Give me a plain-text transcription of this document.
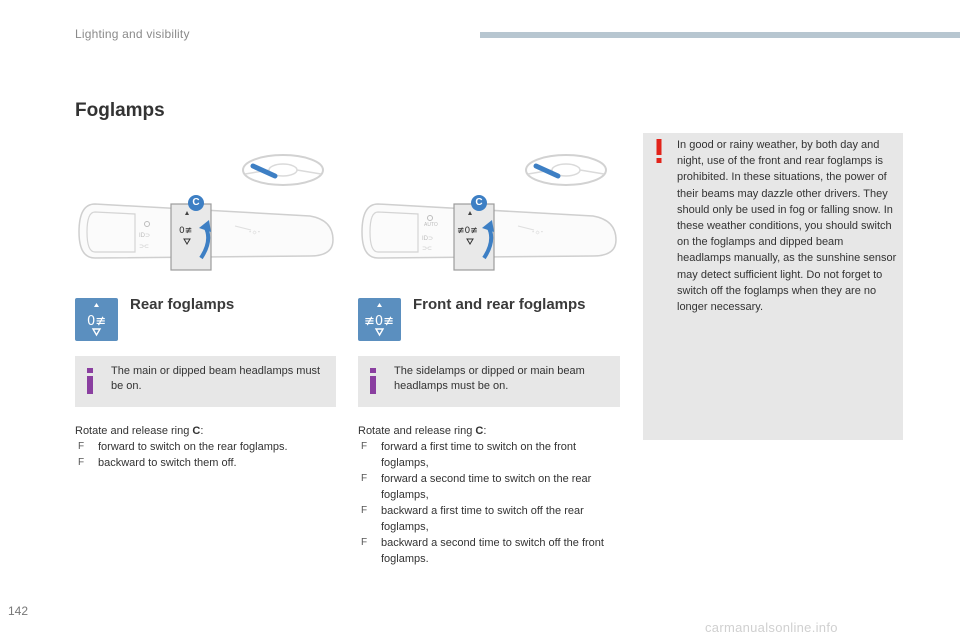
Lighting and visibility
Foglamps
ID⊃
⊃⊂
-☼-
0≢
C
ID⊃
⊃⊂
-☼-
≢0≢
AUTO
C
0≢
Rear foglamps
≢0≢
Front and rear foglamps
The main or dipped beam headlamps must be on.
The sidelamps or dipped or main beam headlamps must be on.
Rotate and release ring C:
F forward to switch on the rear foglamps.
F backward to switch them off.
Rotate and release ring C:
F forward a first time to switch on the front foglamps,
F forward a second time to switch on the rear foglamps,
F backward a first time to switch off the rear foglamps,
F backward a second time to switch off the front foglamps.
In good or rainy weather, by both day and night, use of the front and rear foglamps is prohibited. In these situations, the power of their beams may dazzle other drivers. They should only be used in fog or falling snow. In these weather conditions, you should switch on the foglamps and dipped beam headlamps manually, as the sunshine sensor may detect sufficient light. Do not forget to switch off the foglamps when they are no longer necessary.
142
carmanualsonline.info
